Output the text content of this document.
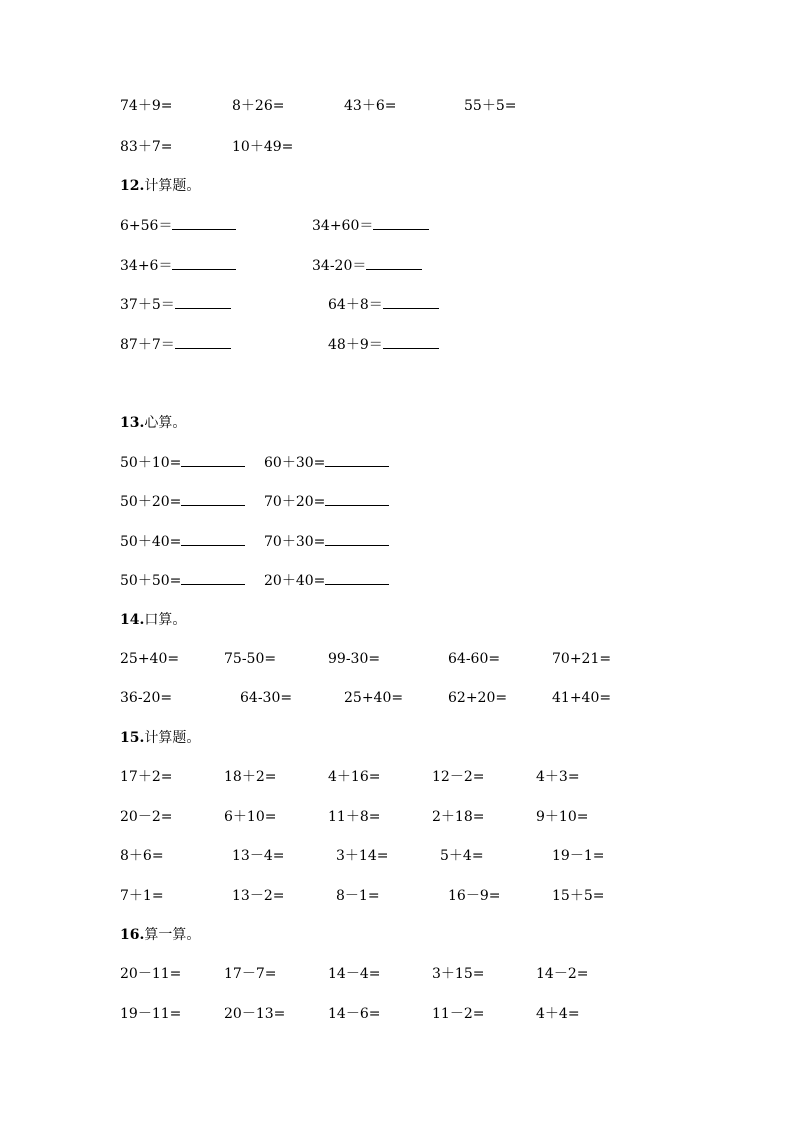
74＋9=	8＋26=	43＋6=	55＋5=
83＋7=	10＋49=
12.计算题。
6+56＝	34+60＝
34+6＝	34-20＝
37＋5＝	64＋8＝
87＋7＝	48＋9＝
13.心算。
50＋10=	60＋30=
50＋20=	70＋20=
50＋40=	70＋30=
50＋50=	20＋40=
14.口算。
25+40=	75-50=	99-30=	64-60=	70+21=
36-20=	64-30=	25+40=	62+20=	41+40=
15.计算题。
17＋2=	18＋2=	4＋16=	12－2=	4＋3=
20－2=	6＋10=	11＋8=	2＋18=	9＋10=
8＋6=	13－4=	3＋14=	5＋4=	19－1=
7＋1=	13－2=	8－1=	16－9=	15＋5=
16.算一算。
20－11=	17－7=	14－4=	3＋15=	14－2=
19－11=	20－13=	14－6=	11－2=	4＋4=
